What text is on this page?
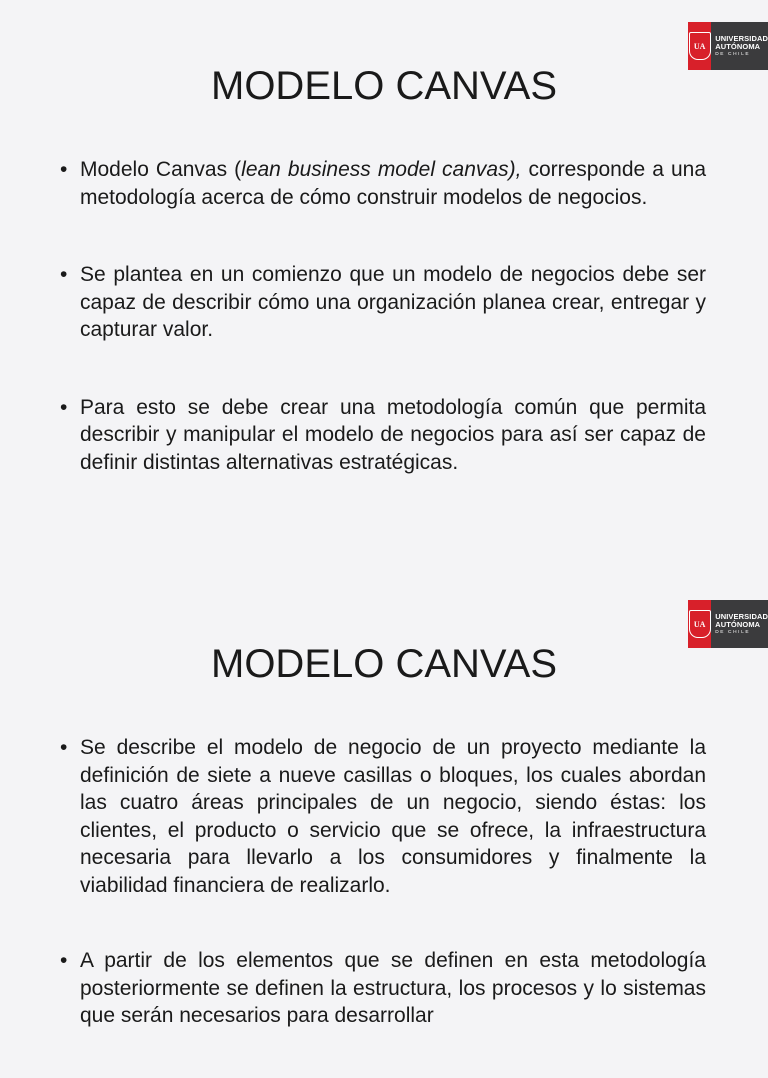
UA
UNIVERSIDAD
AUTÓNOMA
DE CHILE
MODELO CANVAS
• Modelo Canvas (lean business model canvas), corresponde a una metodología acerca de cómo construir modelos de negocios.
• Se plantea en un comienzo que un modelo de negocios debe ser capaz de describir cómo una organización planea crear, entregar y capturar valor.
• Para esto se debe crear una metodología común que permita describir y manipular el modelo de negocios para así ser capaz de definir distintas alternativas estratégicas.
UA
UNIVERSIDAD
AUTÓNOMA
DE CHILE
MODELO CANVAS
• Se describe el modelo de negocio de un proyecto mediante la definición de siete a nueve casillas o bloques, los cuales abordan las cuatro áreas principales de un negocio, siendo éstas: los clientes, el producto o servicio que se ofrece, la infraestructura necesaria para llevarlo a los consumidores y finalmente la viabilidad financiera de realizarlo.
• A partir de los elementos que se definen en esta metodología posteriormente se definen la estructura, los procesos y lo sistemas que serán necesarios para desarrollar
